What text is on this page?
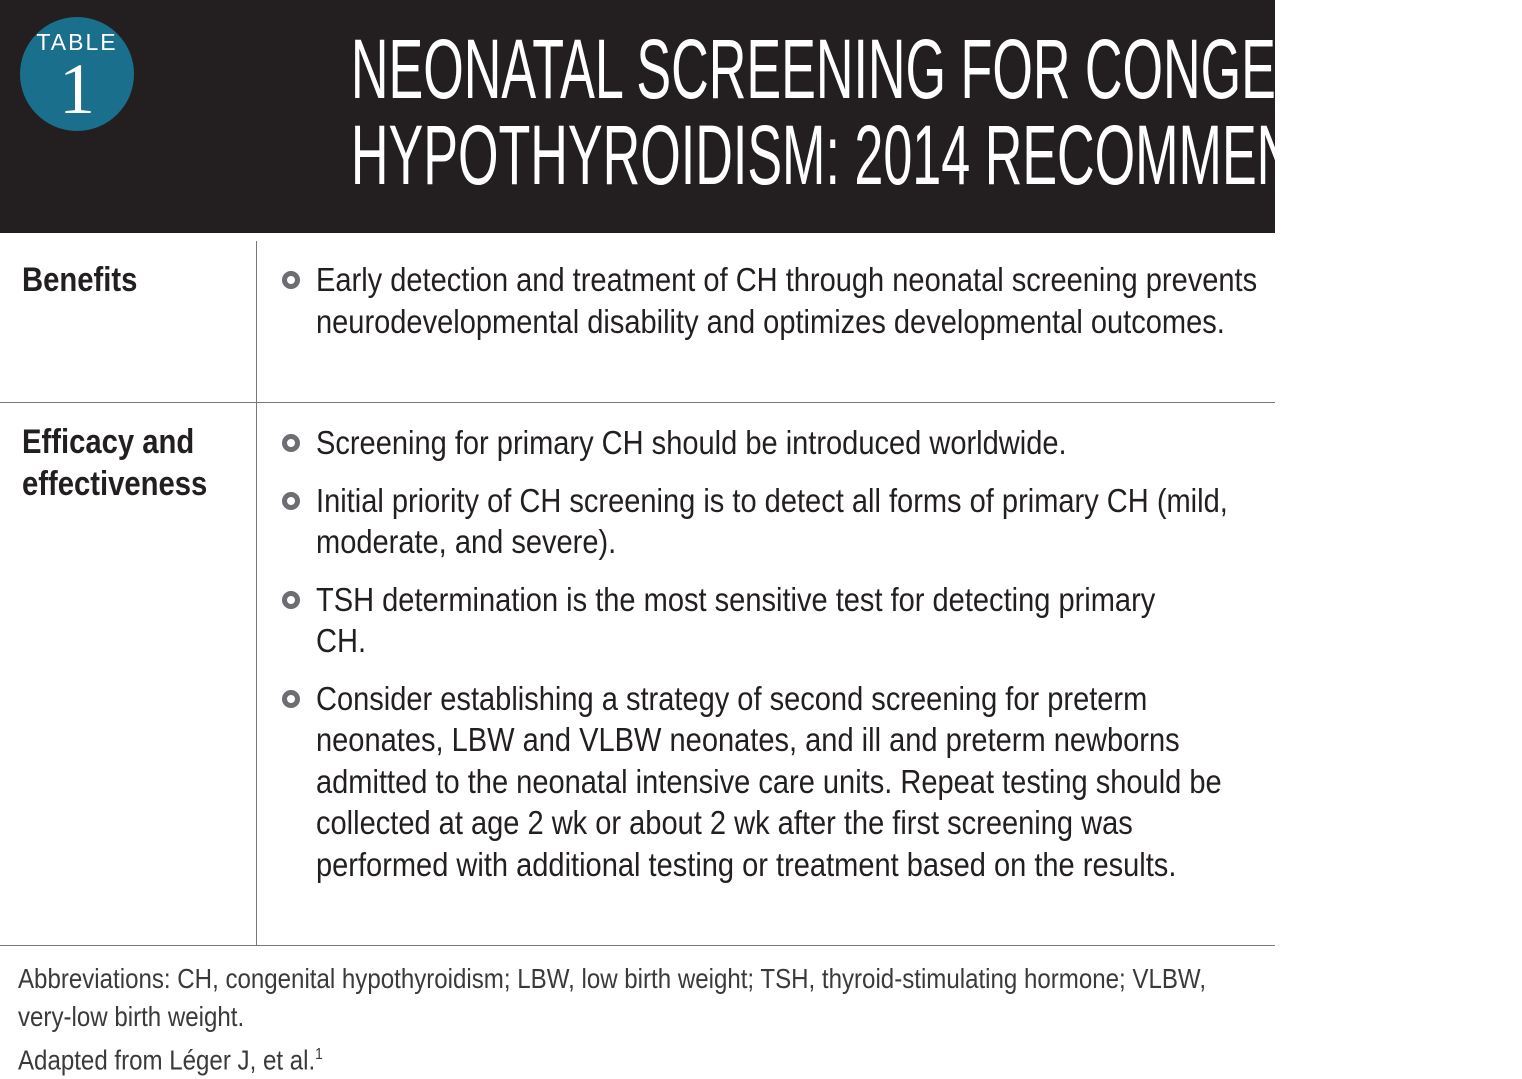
TABLE
1	NEONATAL SCREENING FOR CONGENITAL
HYPOTHYROIDISM: 2014 RECOMMENDATIONS
Benefits	Early detection and treatment of CH through neonatal screening prevents neurodevelopmental disability and optimizes developmental outcomes.
Efficacy and
effectiveness
Screening for primary CH should be introduced worldwide.
Initial priority of CH screening is to detect all forms of primary CH (mild, moderate, and severe).
TSH determination is the most sensitive test for detecting primary CH.
Consider establishing a strategy of second screening for preterm neonates, LBW and VLBW neonates, and ill and preterm newborns admitted to the neonatal intensive care units. Repeat testing should be collected at age 2 wk or about 2 wk after the first screening was performed with additional testing or treatment based on the results.

Abbreviations: CH, congenital hypothyroidism; LBW, low birth weight; TSH, thyroid-stimulating hormone; VLBW, very-low birth weight.

Adapted from Léger J, et al.$^1$
